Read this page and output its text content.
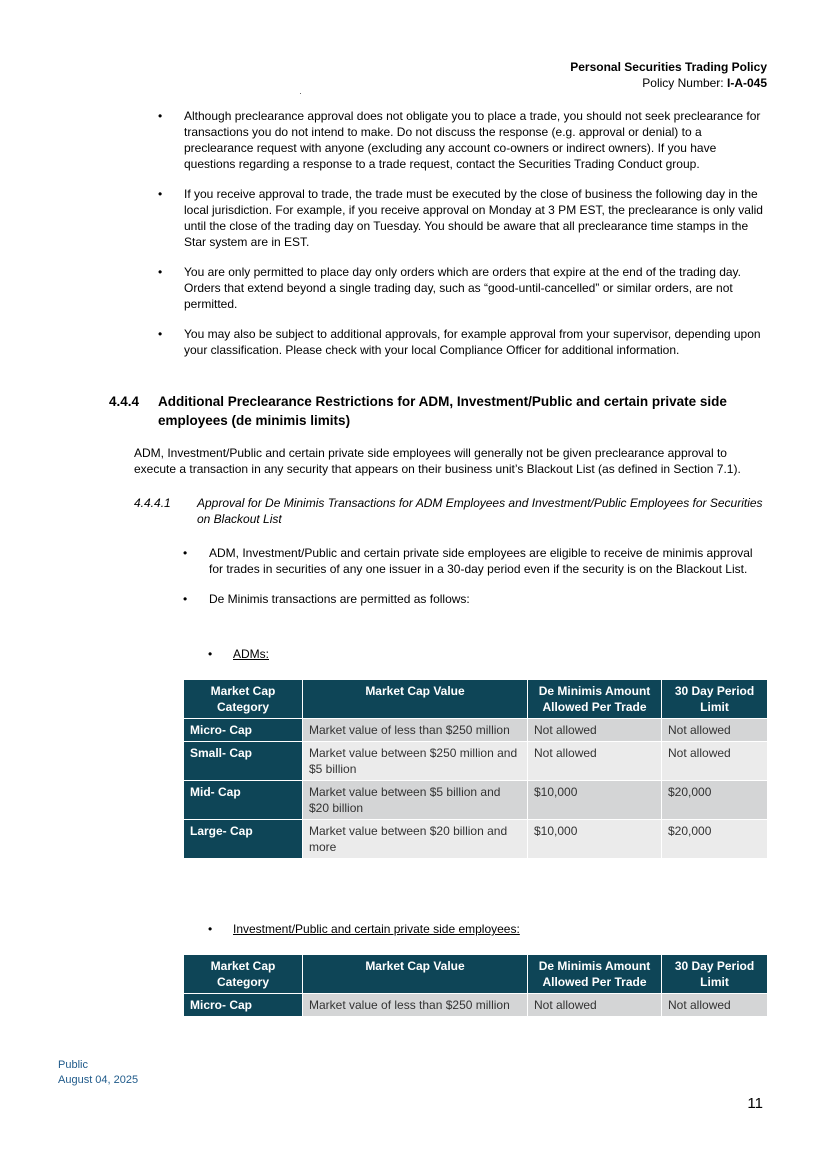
Personal Securities Trading Policy
Policy Number: I-A-045
•	Although preclearance approval does not obligate you to place a trade, you should not seek preclearance for transactions you do not intend to make. Do not discuss the response (e.g. approval or denial) to a preclearance request with anyone (excluding any account co-owners or indirect owners). If you have questions regarding a response to a trade request, contact the Securities Trading Conduct group.
•	If you receive approval to trade, the trade must be executed by the close of business the following day in the local jurisdiction. For example, if you receive approval on Monday at 3 PM EST, the preclearance is only valid until the close of the trading day on Tuesday. You should be aware that all preclearance time stamps in the Star system are in EST.
•	You are only permitted to place day only orders which are orders that expire at the end of the trading day. Orders that extend beyond a single trading day, such as “good-until-cancelled” or similar orders, are not permitted.
•	You may also be subject to additional approvals, for example approval from your supervisor, depending upon your classification. Please check with your local Compliance Officer for additional information.
4.4.4	Additional Preclearance Restrictions for ADM, Investment/Public and certain private side employees (de minimis limits)
ADM, Investment/Public and certain private side employees will generally not be given preclearance approval to execute a transaction in any security that appears on their business unit’s Blackout List (as defined in Section 7.1).
4.4.4.1	Approval for De Minimis Transactions for ADM Employees and Investment/Public Employees for Securities on Blackout List
•	ADM, Investment/Public and certain private side employees are eligible to receive de minimis approval for trades in securities of any one issuer in a 30-day period even if the security is on the Blackout List.
•	De Minimis transactions are permitted as follows:
•	ADMs:
Market Cap Category	Market Cap Value	De Minimis Amount Allowed Per Trade	30 Day Period Limit
Micro- Cap	Market value of less than $250 million	Not allowed	Not allowed
Small- Cap	Market value between $250 million and $5 billion	Not allowed	Not allowed
Mid- Cap	Market value between $5 billion and $20 billion	$10,000	$20,000
Large- Cap	Market value between $20 billion and more	$10,000	$20,000
•	Investment/Public and certain private side employees:
Market Cap Category	Market Cap Value	De Minimis Amount Allowed Per Trade	30 Day Period Limit
Micro- Cap	Market value of less than $250 million	Not allowed	Not allowed
Public
August 04, 2025
11
